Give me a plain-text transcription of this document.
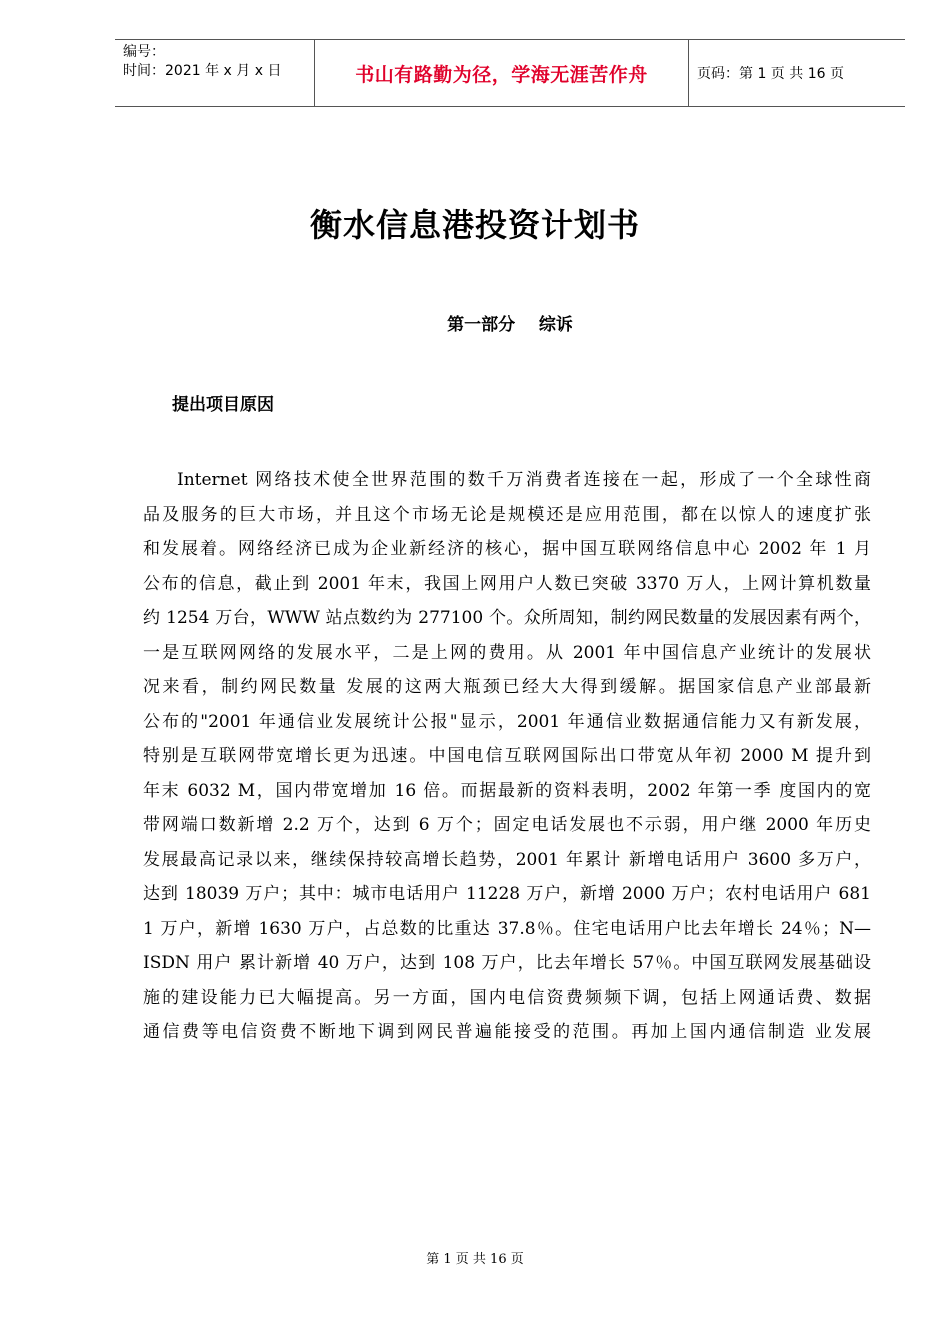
编号：
时间：2021 年 x 月 x 日	书山有路勤为径，学海无涯苦作舟	页码：第 1 页 共 16 页
衡水信息港投资计划书
第一部分    综诉
提出项目原因
Internet 网络技术使全世界范围的数千万消费者连接在一起，形成了一个全球性商
品及服务的巨大市场，并且这个市场无论是规模还是应用范围，都在以惊人的速度扩张
和发展着。网络经济已成为企业新经济的核心，据中国互联网络信息中心 2002 年 1 月
公布的信息，截止到 2001 年末，我国上网用户人数已突破 3370 万人，上网计算机数量
约 1254 万台，WWW 站点数约为 277100 个。众所周知，制约网民数量的发展因素有两个，
一是互联网网络的发展水平，二是上网的费用。从 2001 年中国信息产业统计的发展状
况来看，制约网民数量 发展的这两大瓶颈已经大大得到缓解。据国家信息产业部最新
公布的"2001 年通信业发展统计公报"显示，2001 年通信业数据通信能力又有新发展，
特别是互联网带宽增长更为迅速。中国电信互联网国际出口带宽从年初 2000 M 提升到
年末 6032 M，国内带宽增加 16 倍。而据最新的资料表明，2002 年第一季 度国内的宽
带网端口数新增 2.2 万个，达到 6 万个；固定电话发展也不示弱，用户继 2000 年历史
发展最高记录以来，继续保持较高增长趋势，2001 年累计 新增电话用户 3600 多万户，
达到 18039 万户；其中：城市电话用户 11228 万户，新增 2000 万户；农村电话用户 681
1 万户，新增 1630 万户，占总数的比重达 37.8％。住宅电话用户比去年增长 24％；N—
ISDN 用户 累计新增 40 万户，达到 108 万户，比去年增长 57％。中国互联网发展基础设
施的建设能力已大幅提高。另一方面，国内电信资费频频下调，包括上网通话费、数据
通信费等电信资费不断地下调到网民普遍能接受的范围。再加上国内通信制造 业发展
第 1 页 共 16 页
